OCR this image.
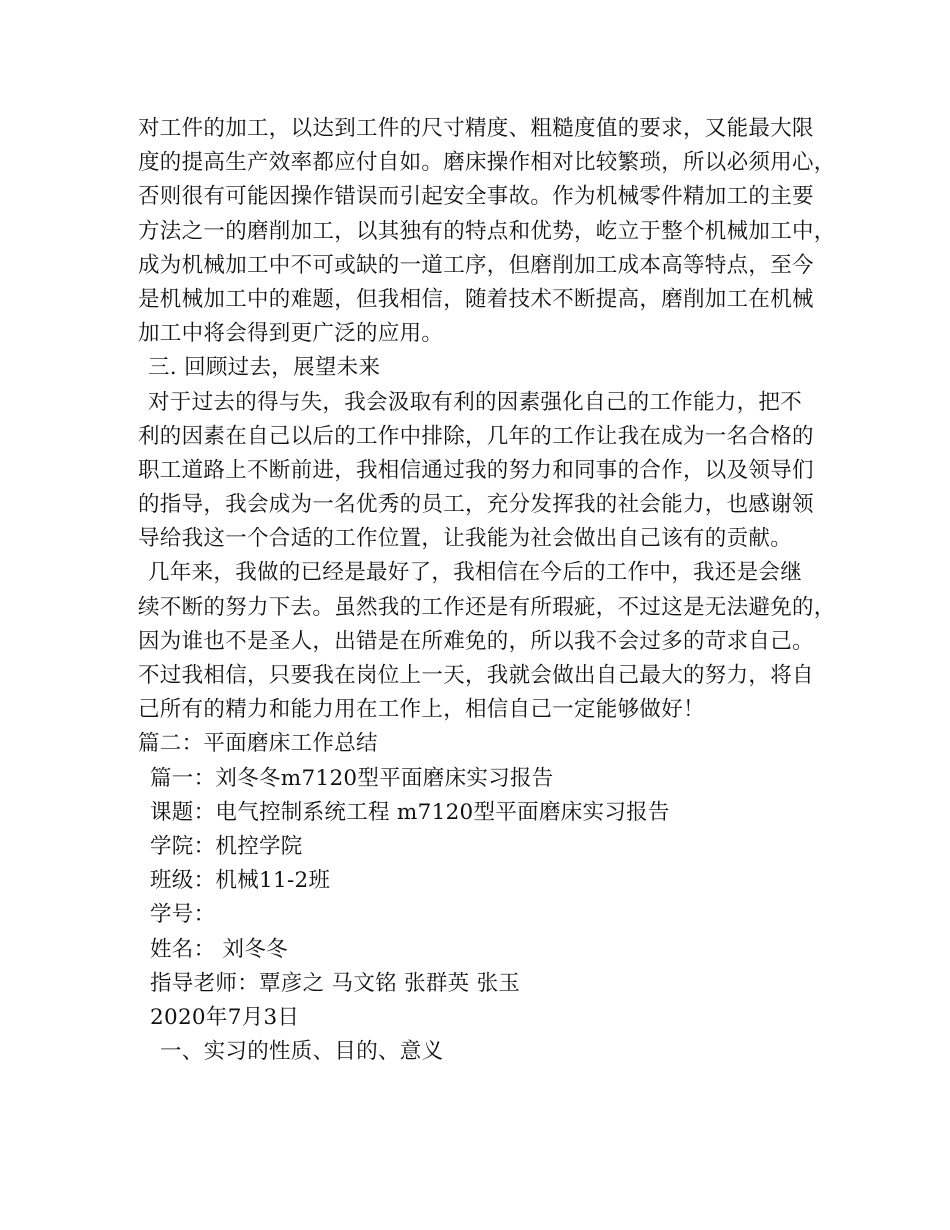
对工件的加工，以达到工件的尺寸精度、粗糙度值的要求，又能最大限
度的提高生产效率都应付自如。磨床操作相对比较繁琐，所以必须用心，
否则很有可能因操作错误而引起安全事故。作为机械零件精加工的主要
方法之一的磨削加工，以其独有的特点和优势，屹立于整个机械加工中，
成为机械加工中不可或缺的一道工序，但磨削加工成本高等特点，至今
是机械加工中的难题，但我相信，随着技术不断提高，磨削加工在机械
加工中将会得到更广泛的应用。
三. 回顾过去，展望未来
对于过去的得与失，我会汲取有利的因素强化自己的工作能力，把不
利的因素在自己以后的工作中排除，几年的工作让我在成为一名合格的
职工道路上不断前进，我相信通过我的努力和同事的合作，以及领导们
的指导，我会成为一名优秀的员工，充分发挥我的社会能力，也感谢领
导给我这一个合适的工作位置，让我能为社会做出自己该有的贡献。
几年来，我做的已经是最好了，我相信在今后的工作中，我还是会继
续不断的努力下去。虽然我的工作还是有所瑕疵，不过这是无法避免的，
因为谁也不是圣人，出错是在所难免的，所以我不会过多的苛求自己。
不过我相信，只要我在岗位上一天，我就会做出自己最大的努力，将自
己所有的精力和能力用在工作上，相信自己一定能够做好！
篇二：平面磨床工作总结
篇一：刘冬冬m7120型平面磨床实习报告
课题：电气控制系统工程 m7120型平面磨床实习报告
学院：机控学院
班级：机械11-2班
学号：
姓名： 刘冬冬
指导老师：覃彦之 马文铭 张群英 张玉
2020年7月3日
一、实习的性质、目的、意义
